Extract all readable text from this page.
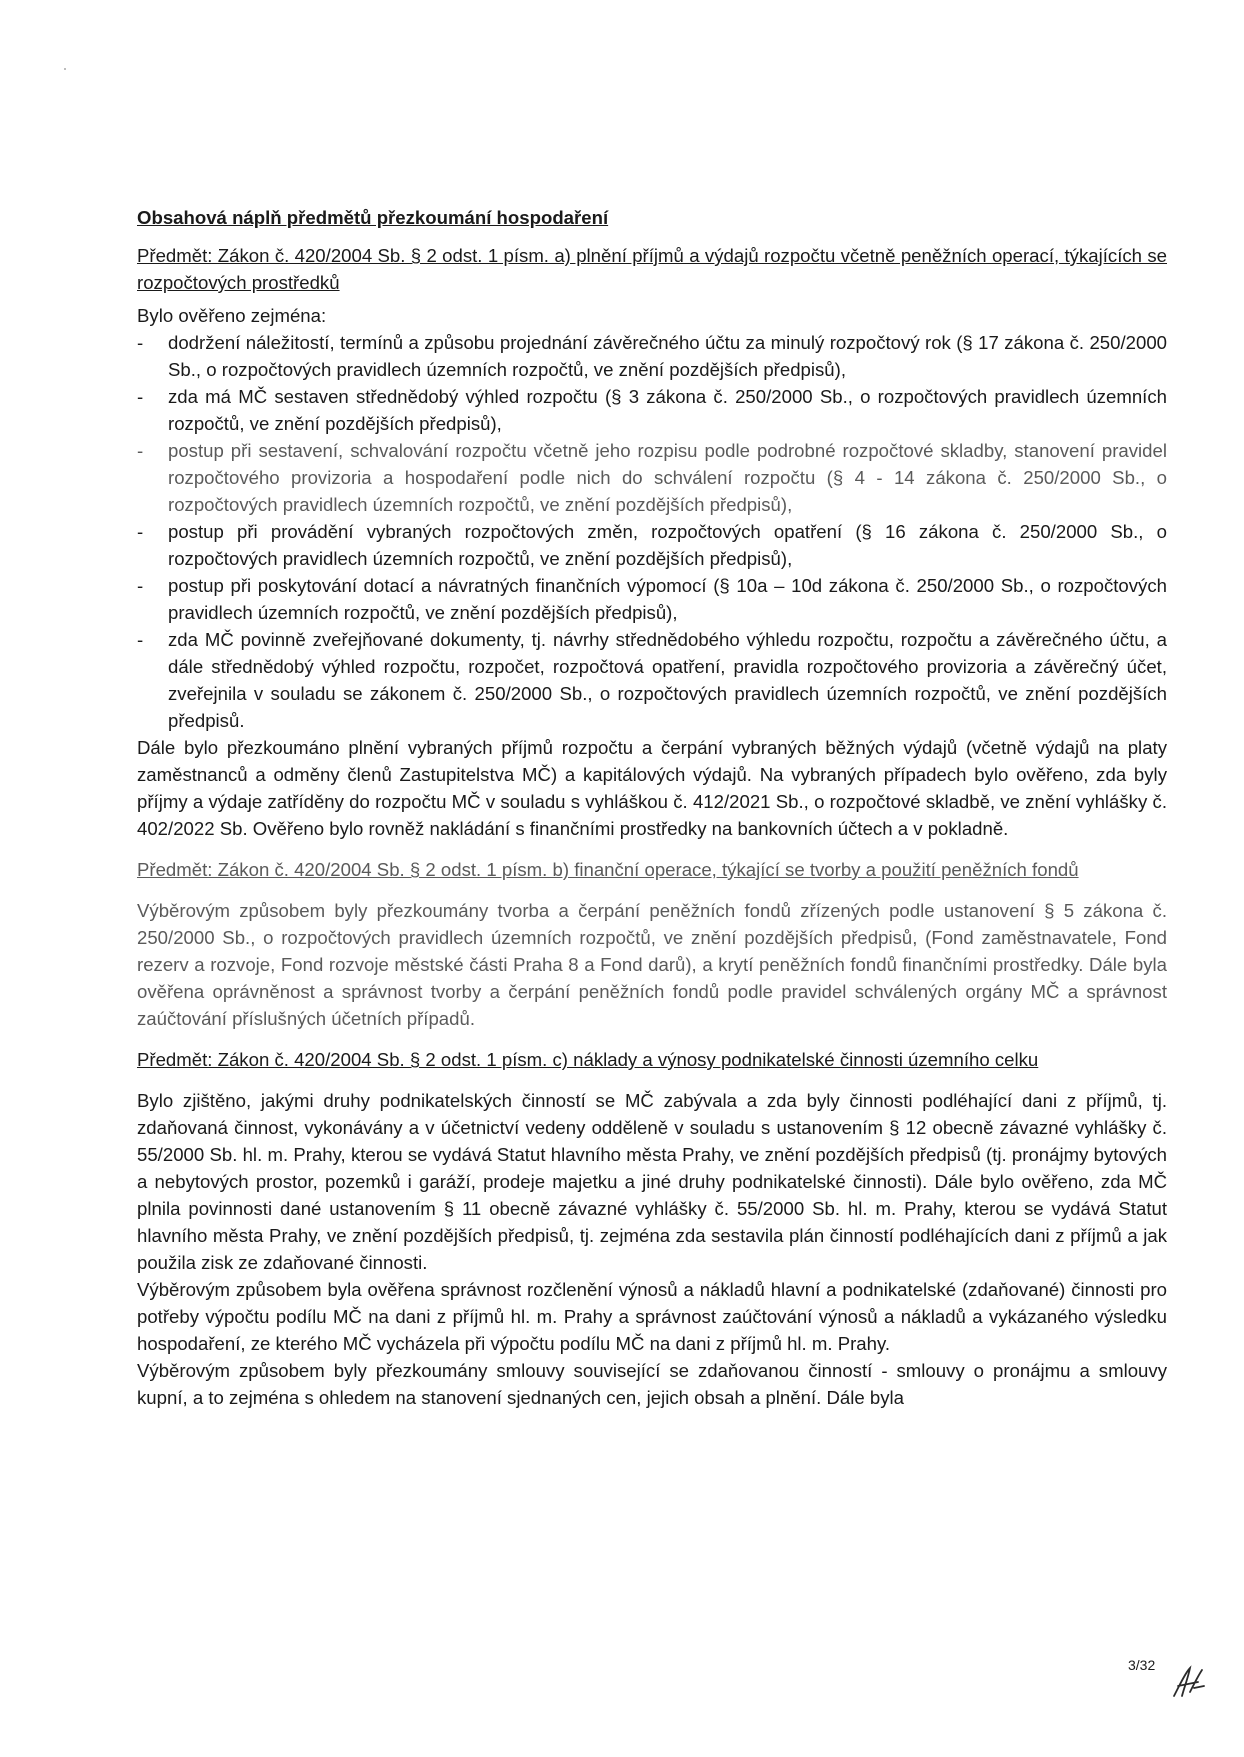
Obsahová náplň předmětů přezkoumání hospodaření

Předmět: Zákon č. 420/2004 Sb. § 2 odst. 1 písm. a) plnění příjmů a výdajů rozpočtu včetně peněžních operací, týkajících se rozpočtových prostředků

Bylo ověřeno zejména:

- dodržení náležitostí, termínů a způsobu projednání závěrečného účtu za minulý rozpočtový rok (§ 17 zákona č. 250/2000 Sb., o rozpočtových pravidlech územních rozpočtů, ve znění pozdějších předpisů),
- zda má MČ sestaven střednědobý výhled rozpočtu (§ 3 zákona č. 250/2000 Sb., o rozpočtových pravidlech územních rozpočtů, ve znění pozdějších předpisů),
- postup při sestavení, schvalování rozpočtu včetně jeho rozpisu podle podrobné rozpočtové skladby, stanovení pravidel rozpočtového provizoria a hospodaření podle nich do schválení rozpočtu (§ 4 - 14 zákona č. 250/2000 Sb., o rozpočtových pravidlech územních rozpočtů, ve znění pozdějších předpisů),
- postup při provádění vybraných rozpočtových změn, rozpočtových opatření (§ 16 zákona č. 250/2000 Sb., o rozpočtových pravidlech územních rozpočtů, ve znění pozdějších předpisů),
- postup při poskytování dotací a návratných finančních výpomocí (§ 10a – 10d zákona č. 250/2000 Sb., o rozpočtových pravidlech územních rozpočtů, ve znění pozdějších předpisů),
- zda MČ povinně zveřejňované dokumenty, tj. návrhy střednědobého výhledu rozpočtu, rozpočtu a závěrečného účtu, a dále střednědobý výhled rozpočtu, rozpočet, rozpočtová opatření, pravidla rozpočtového provizoria a závěrečný účet, zveřejnila v souladu se zákonem č. 250/2000 Sb., o rozpočtových pravidlech územních rozpočtů, ve znění pozdějších předpisů.

Dále bylo přezkoumáno plnění vybraných příjmů rozpočtu a čerpání vybraných běžných výdajů (včetně výdajů na platy zaměstnanců a odměny členů Zastupitelstva MČ) a kapitálových výdajů. Na vybraných případech bylo ověřeno, zda byly příjmy a výdaje zatříděny do rozpočtu MČ v souladu s vyhláškou č. 412/2021 Sb., o rozpočtové skladbě, ve znění vyhlášky č. 402/2022 Sb. Ověřeno bylo rovněž nakládání s finančními prostředky na bankovních účtech a v pokladně.

Předmět: Zákon č. 420/2004 Sb. § 2 odst. 1 písm. b) finanční operace, týkající se tvorby a použití peněžních fondů

Výběrovým způsobem byly přezkoumány tvorba a čerpání peněžních fondů zřízených podle ustanovení § 5 zákona č. 250/2000 Sb., o rozpočtových pravidlech územních rozpočtů, ve znění pozdějších předpisů, (Fond zaměstnavatele, Fond rezerv a rozvoje, Fond rozvoje městské části Praha 8 a Fond darů), a krytí peněžních fondů finančními prostředky. Dále byla ověřena oprávněnost a správnost tvorby a čerpání peněžních fondů podle pravidel schválených orgány MČ a správnost zaúčtování příslušných účetních případů.

Předmět: Zákon č. 420/2004 Sb. § 2 odst. 1 písm. c) náklady a výnosy podnikatelské činnosti územního celku

Bylo zjištěno, jakými druhy podnikatelských činností se MČ zabývala a zda byly činnosti podléhající dani z příjmů, tj. zdaňovaná činnost, vykonávány a v účetnictví vedeny odděleně v souladu s ustanovením § 12 obecně závazné vyhlášky č. 55/2000 Sb. hl. m. Prahy, kterou se vydává Statut hlavního města Prahy, ve znění pozdějších předpisů (tj. pronájmy bytových a nebytových prostor, pozemků i garáží, prodeje majetku a jiné druhy podnikatelské činnosti). Dále bylo ověřeno, zda MČ plnila povinnosti dané ustanovením § 11 obecně závazné vyhlášky č. 55/2000 Sb. hl. m. Prahy, kterou se vydává Statut hlavního města Prahy, ve znění pozdějších předpisů, tj. zejména zda sestavila plán činností podléhajících dani z příjmů a jak použila zisk ze zdaňované činnosti.

Výběrovým způsobem byla ověřena správnost rozčlenění výnosů a nákladů hlavní a podnikatelské (zdaňované) činnosti pro potřeby výpočtu podílu MČ na dani z příjmů hl. m. Prahy a správnost zaúčtování výnosů a nákladů a vykázaného výsledku hospodaření, ze kterého MČ vycházela při výpočtu podílu MČ na dani z příjmů hl. m. Prahy.

Výběrovým způsobem byly přezkoumány smlouvy související se zdaňovanou činností - smlouvy o pronájmu a smlouvy kupní, a to zejména s ohledem na stanovení sjednaných cen, jejich obsah a plnění. Dále byla

3/32
